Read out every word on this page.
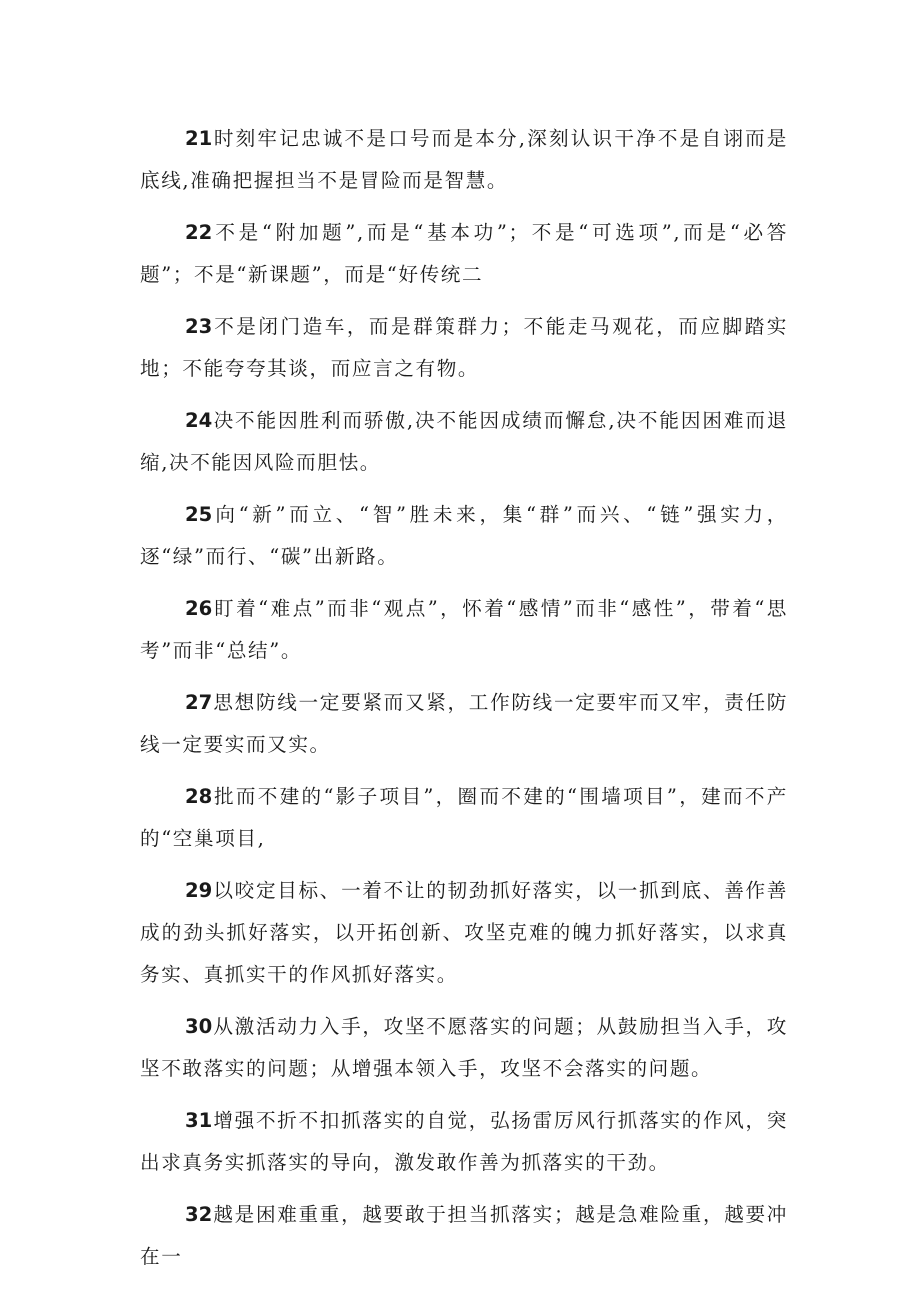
21时刻牢记忠诚不是口号而是本分,深刻认识干净不是自诩而是底线,准确把握担当不是冒险而是智慧。

22不是“附加题”,而是“基本功”；不是“可选项”,而是“必答题”；不是“新课题”，而是“好传统二

23不是闭门造车，而是群策群力；不能走马观花，而应脚踏实地；不能夸夸其谈，而应言之有物。

24决不能因胜利而骄傲,决不能因成绩而懈怠,决不能因困难而退缩,决不能因风险而胆怯。

25向“新”而立、“智”胜未来，集“群”而兴、“链”强实力，逐“绿”而行、“碳”出新路。

26盯着“难点”而非“观点”，怀着“感情”而非“感性”，带着“思考”而非“总结”。

27思想防线一定要紧而又紧，工作防线一定要牢而又牢，责任防线一定要实而又实。

28批而不建的“影子项目”，圈而不建的“围墙项目”，建而不产的“空巢项目,

29以咬定目标、一着不让的韧劲抓好落实，以一抓到底、善作善成的劲头抓好落实，以开拓创新、攻坚克难的魄力抓好落实，以求真务实、真抓实干的作风抓好落实。

30从激活动力入手，攻坚不愿落实的问题；从鼓励担当入手，攻坚不敢落实的问题；从增强本领入手，攻坚不会落实的问题。

31增强不折不扣抓落实的自觉，弘扬雷厉风行抓落实的作风，突出求真务实抓落实的导向，激发敢作善为抓落实的干劲。

32越是困难重重，越要敢于担当抓落实；越是急难险重，越要冲在一
